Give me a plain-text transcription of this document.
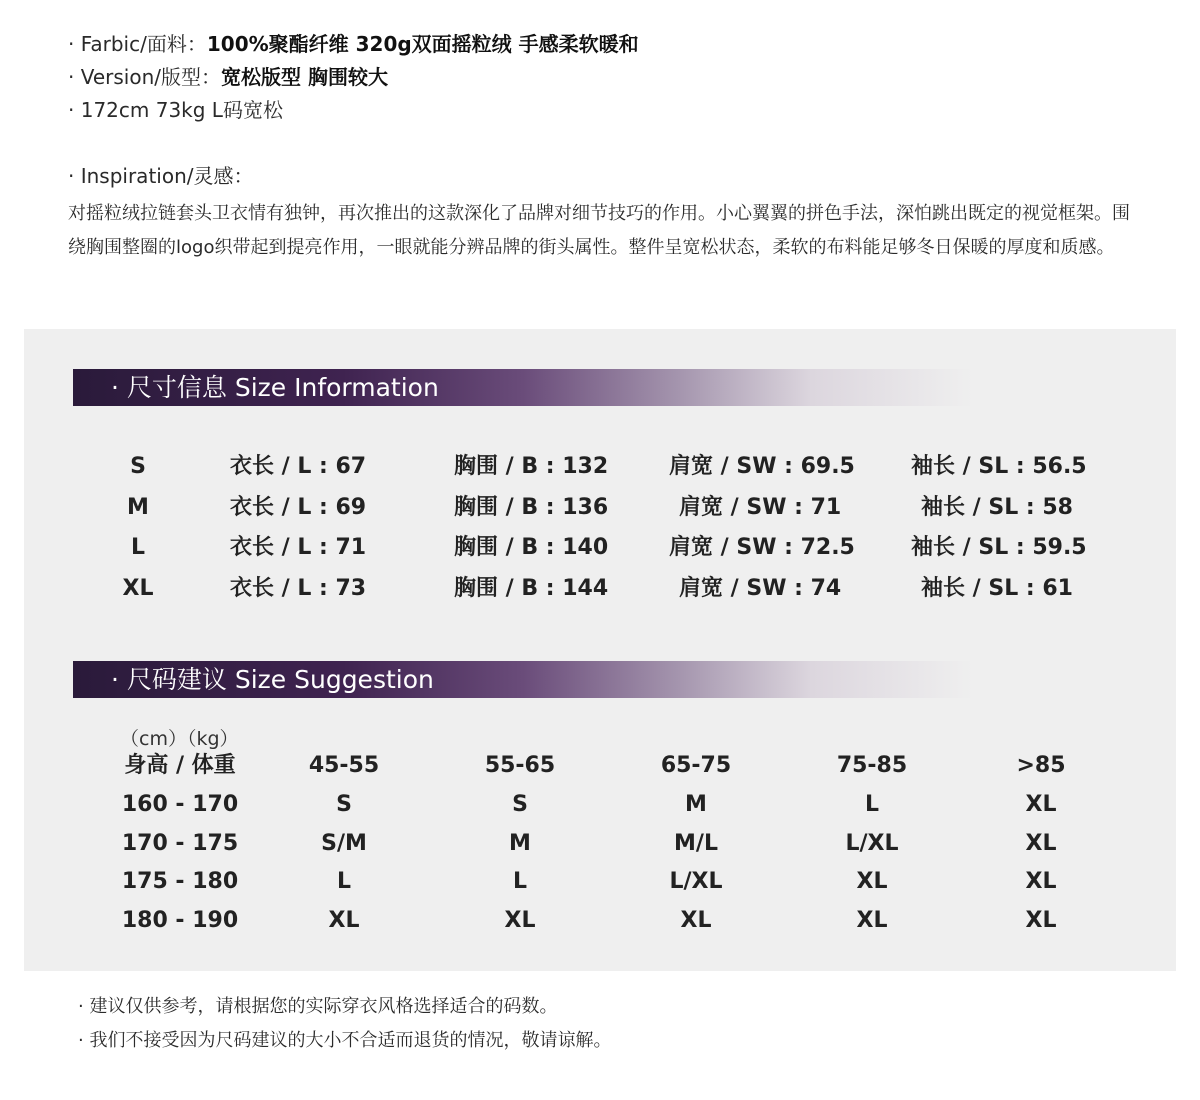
· Farbic/面料：100%聚酯纤维 320g双面摇粒绒 手感柔软暖和
· Version/版型：宽松版型 胸围较大
· 172cm 73kg L码宽松
· Inspiration/灵感：
对摇粒绒拉链套头卫衣情有独钟，再次推出的这款深化了品牌对细节技巧的作用。小心翼翼的拼色手法，深怕跳出既定的视觉框架。围绕胸围整圈的logo织带起到提亮作用，一眼就能分辨品牌的街头属性。整件呈宽松状态，柔软的布料能足够冬日保暖的厚度和质感。
· 尺寸信息 Size Information
S	衣长 / L : 67	胸围 / B : 132	肩宽 / SW : 69.5	袖长 / SL : 56.5
M	衣长 / L : 69	胸围 / B : 136	肩宽 / SW : 71	袖长 / SL : 58
L	衣长 / L : 71	胸围 / B : 140	肩宽 / SW : 72.5	袖长 / SL : 59.5
XL	衣长 / L : 73	胸围 / B : 144	肩宽 / SW : 74	袖长 / SL : 61
· 尺码建议 Size Suggestion
（cm）（kg）
身高 / 体重	45-55	55-65	65-75	75-85	>85
160 - 170	S	S	M	L	XL
170 - 175	S/M	M	M/L	L/XL	XL
175 - 180	L	L	L/XL	XL	XL
180 - 190	XL	XL	XL	XL	XL
· 建议仅供参考，请根据您的实际穿衣风格选择适合的码数。
· 我们不接受因为尺码建议的大小不合适而退货的情况，敬请谅解。
